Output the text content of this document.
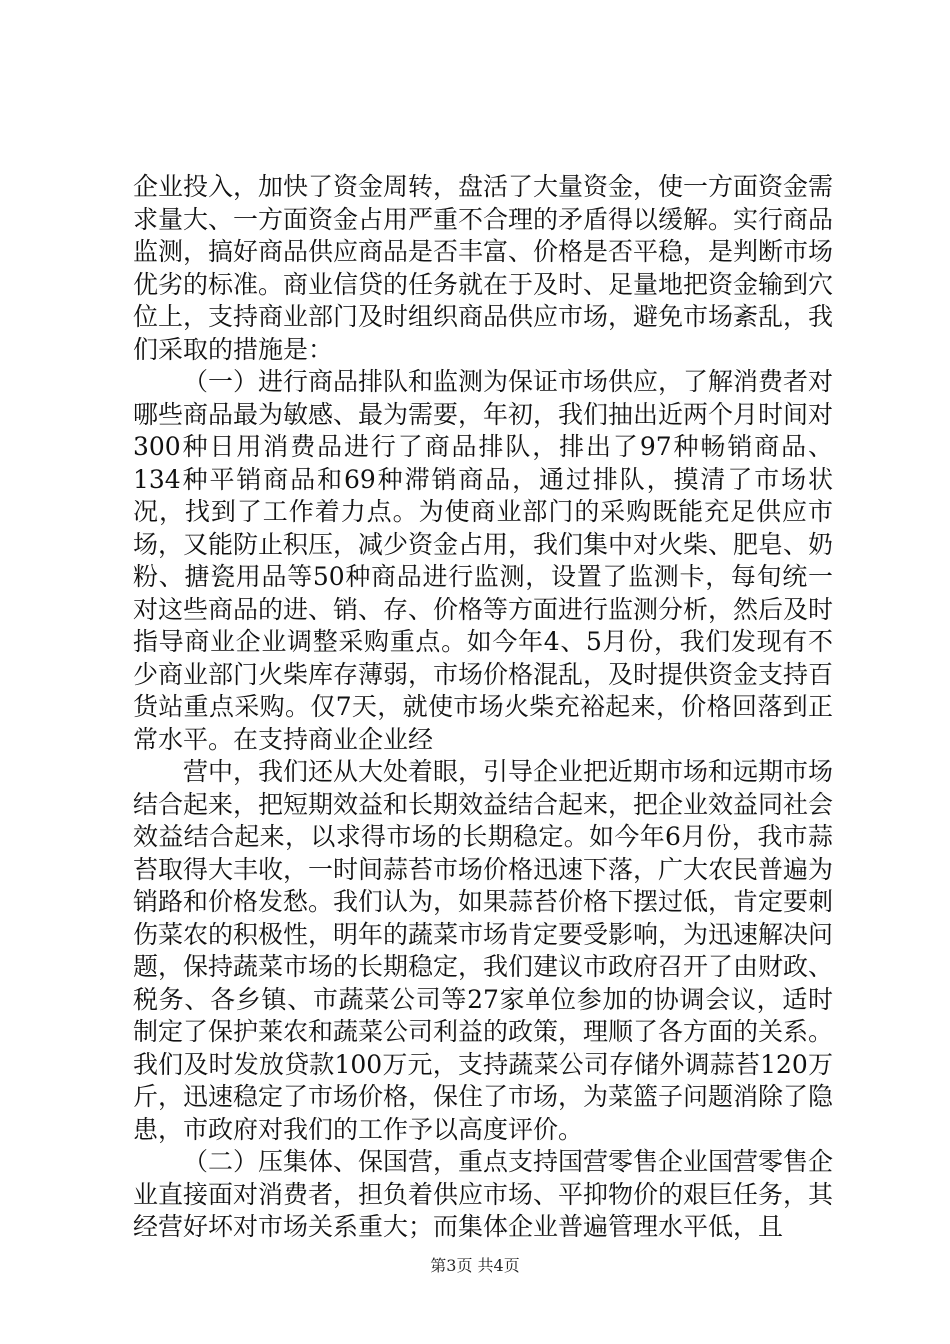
企业投入，加快了资金周转，盘活了大量资金，使一方面资金需求量大、一方面资金占用严重不合理的矛盾得以缓解。实行商品监测，搞好商品供应商品是否丰富、价格是否平稳，是判断市场优劣的标准。商业信贷的任务就在于及时、足量地把资金输到穴位上，支持商业部门及时组织商品供应市场，避免市场紊乱，我们采取的措施是：

（一）进行商品排队和监测为保证市场供应，了解消费者对哪些商品最为敏感、最为需要，年初，我们抽出近两个月时间对300种日用消费品进行了商品排队，排出了97种畅销商品、134种平销商品和69种滞销商品，通过排队，摸清了市场状况，找到了工作着力点。为使商业部门的采购既能充足供应市场，又能防止积压，减少资金占用，我们集中对火柴、肥皂、奶粉、搪瓷用品等50种商品进行监测，设置了监测卡，每旬统一对这些商品的进、销、存、价格等方面进行监测分析，然后及时指导商业企业调整采购重点。如今年4、5月份，我们发现有不少商业部门火柴库存薄弱，市场价格混乱，及时提供资金支持百货站重点采购。仅7天，就使市场火柴充裕起来，价格回落到正常水平。在支持商业企业经

营中，我们还从大处着眼，引导企业把近期市场和远期市场结合起来，把短期效益和长期效益结合起来，把企业效益同社会效益结合起来，以求得市场的长期稳定。如今年6月份，我市蒜苔取得大丰收，一时间蒜苔市场价格迅速下落，广大农民普遍为销路和价格发愁。我们认为，如果蒜苔价格下摆过低，肯定要刺伤菜农的积极性，明年的蔬菜市场肯定要受影响，为迅速解决问题，保持蔬菜市场的长期稳定，我们建议市政府召开了由财政、税务、各乡镇、市蔬菜公司等27家单位参加的协调会议，适时制定了保护莱农和蔬菜公司利益的政策，理顺了各方面的关系。我们及时发放贷款100万元，支持蔬菜公司存储外调蒜苔120万斤，迅速稳定了市场价格，保住了市场，为菜篮子问题消除了隐患，市政府对我们的工作予以高度评价。

（二）压集体、保国营，重点支持国营零售企业国营零售企业直接面对消费者，担负着供应市场、平抑物价的艰巨任务，其经营好坏对市场关系重大；而集体企业普遍管理水平低，且

第3页 共4页
